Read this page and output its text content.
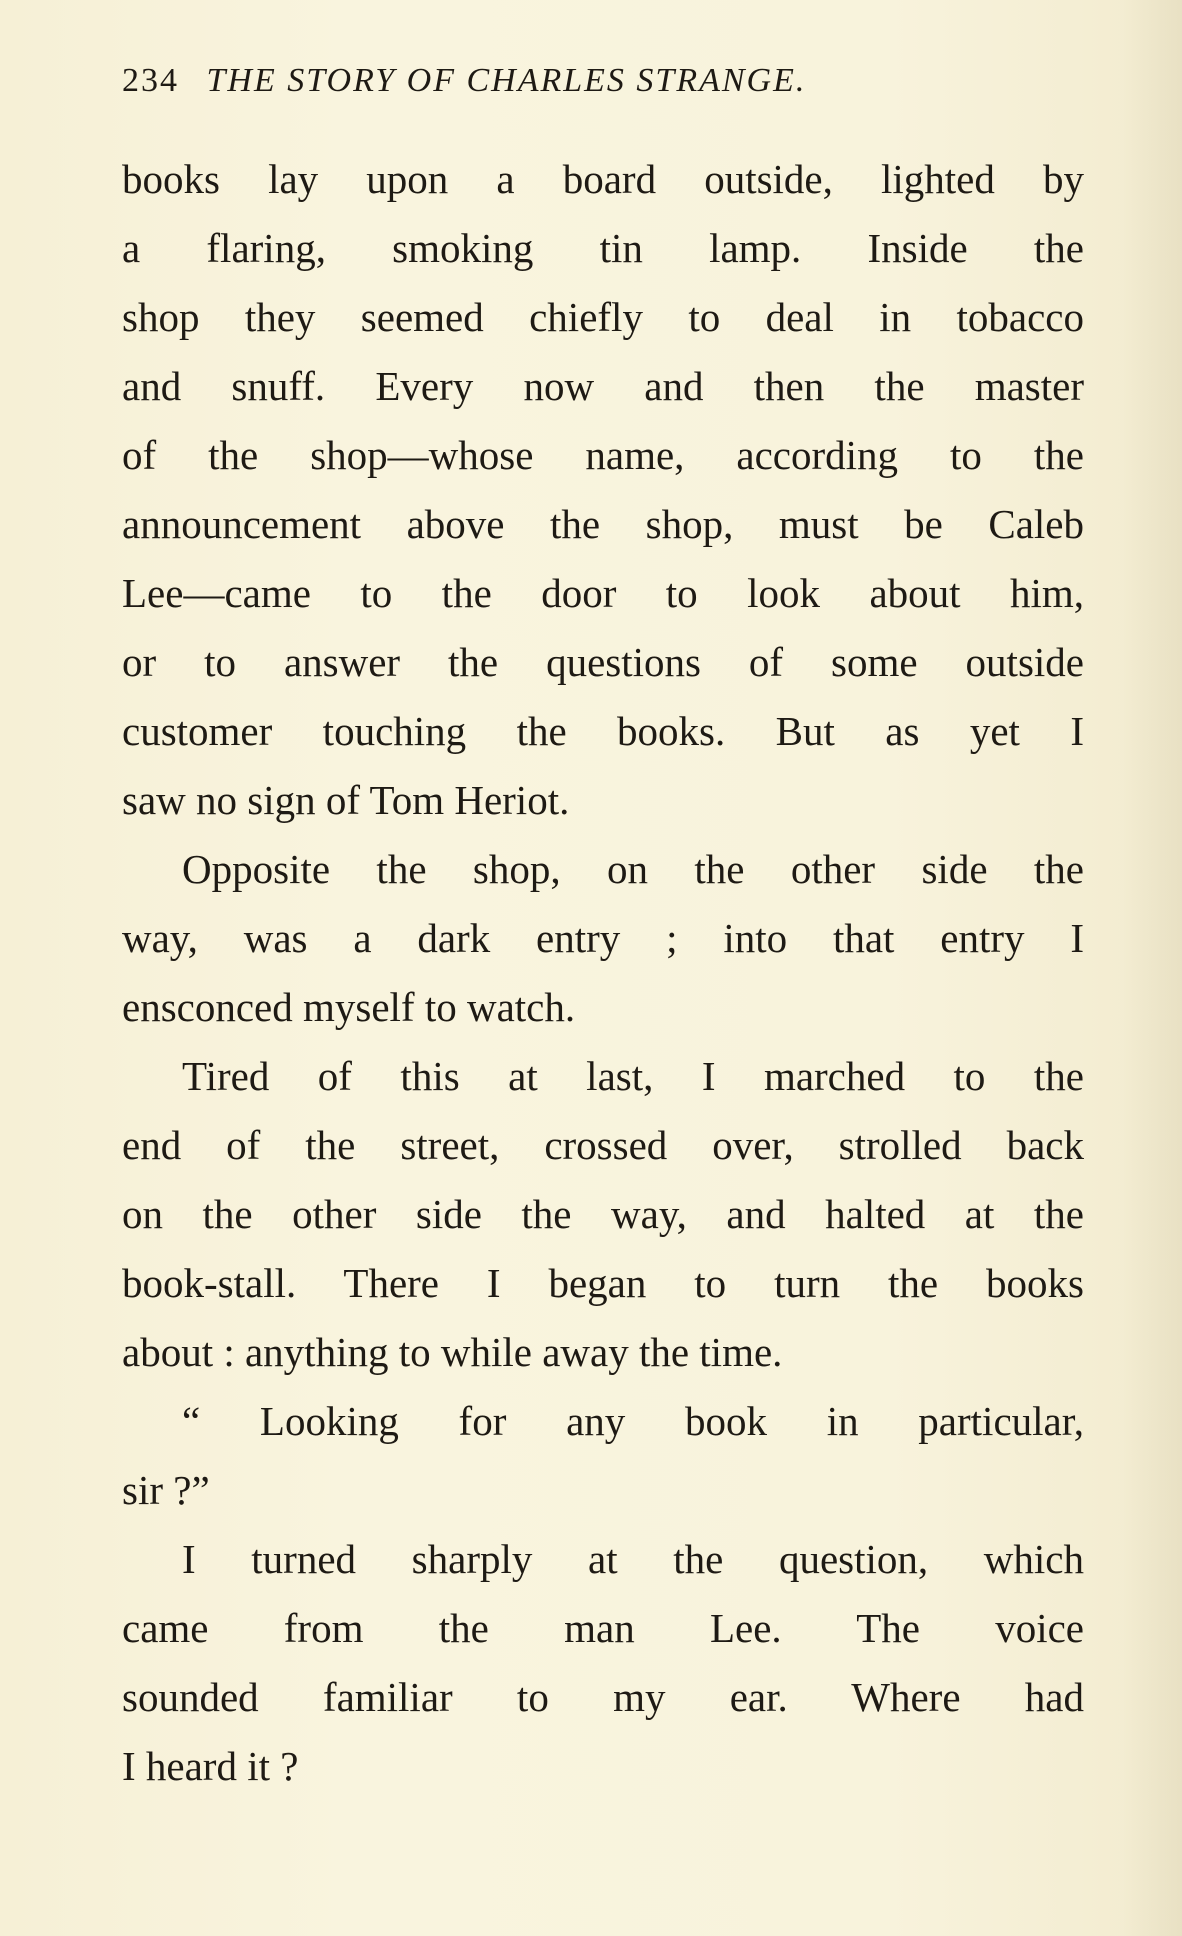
234 THE STORY OF CHARLES STRANGE.
books lay upon a board outside, lighted by
a flaring, smoking tin lamp. Inside the
shop they seemed chiefly to deal in tobacco
and snuff. Every now and then the master
of the shop—whose name, according to the
announcement above the shop, must be Caleb
Lee—came to the door to look about him,
or to answer the questions of some outside
customer touching the books. But as yet I
saw no sign of Tom Heriot.
Opposite the shop, on the other side the
way, was a dark entry ; into that entry I
ensconced myself to watch.
Tired of this at last, I marched to the
end of the street, crossed over, strolled back
on the other side the way, and halted at the
book-stall. There I began to turn the books
about : anything to while away the time.
“ Looking for any book in particular,
sir ?”
I turned sharply at the question, which
came from the man Lee. The voice
sounded familiar to my ear. Where had
I heard it ?
